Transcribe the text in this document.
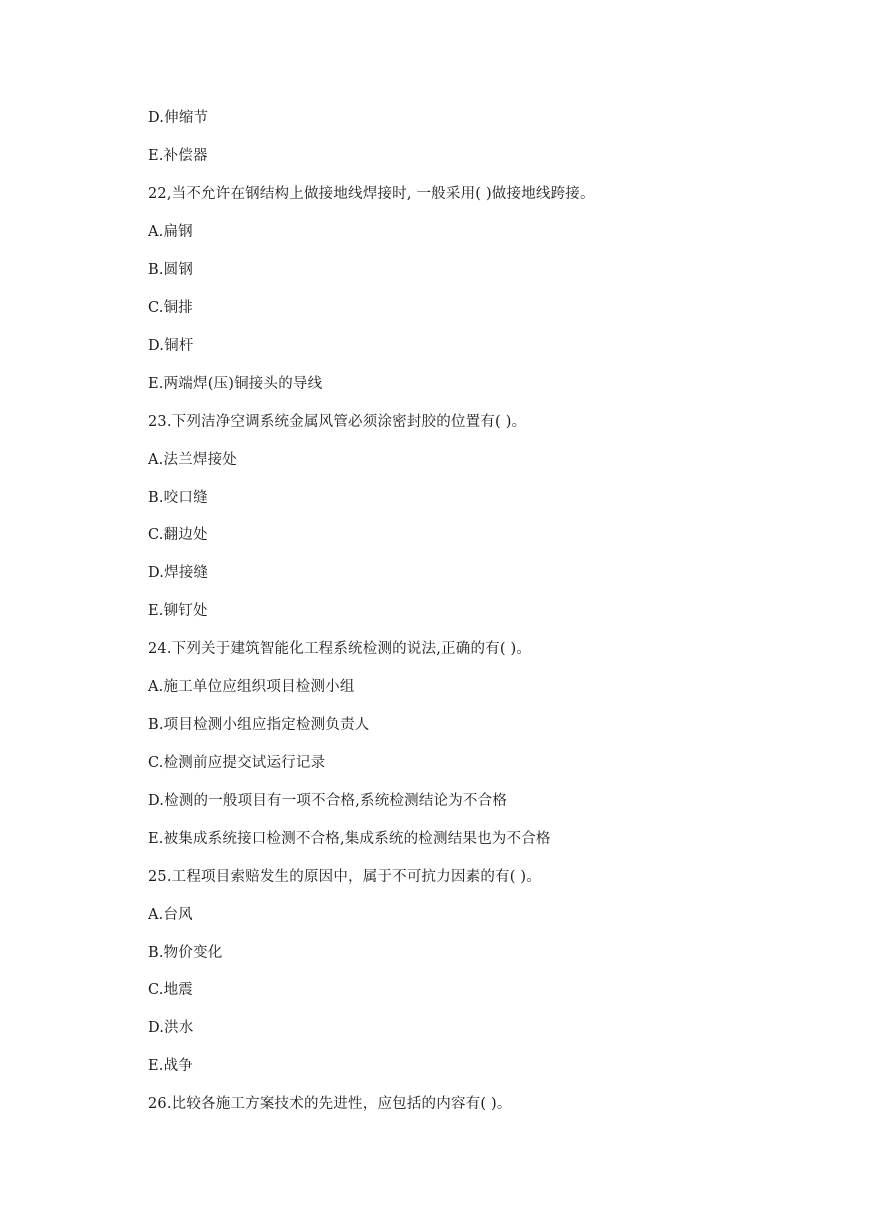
D.伸缩节
E.补偿器
22,当不允许在钢结构上做接地线焊接时, 一般采用( )做接地线跨接。
A.扁钢
B.圆钢
C.铜排
D.铜杆
E.两端焊(压)铜接头的导线
23.下列洁净空调系统金属风管必须涂密封胶的位置有( )。
A.法兰焊接处
B.咬口缝
C.翻边处
D.焊接缝
E.铆钉处
24.下列关于建筑智能化工程系统检测的说法,正确的有( )。
A.施工单位应组织项目检测小组
B.项目检测小组应指定检测负责人
C.检测前应提交试运行记录
D.检测的一般项目有一项不合格,系统检测结论为不合格
E.被集成系统接口检测不合格,集成系统的检测结果也为不合格
25.工程项目索赔发生的原因中，属于不可抗力因素的有( )。
A.台风
B.物价变化
C.地震
D.洪水
E.战争
26.比较各施工方案技术的先进性，应包括的内容有( )。
